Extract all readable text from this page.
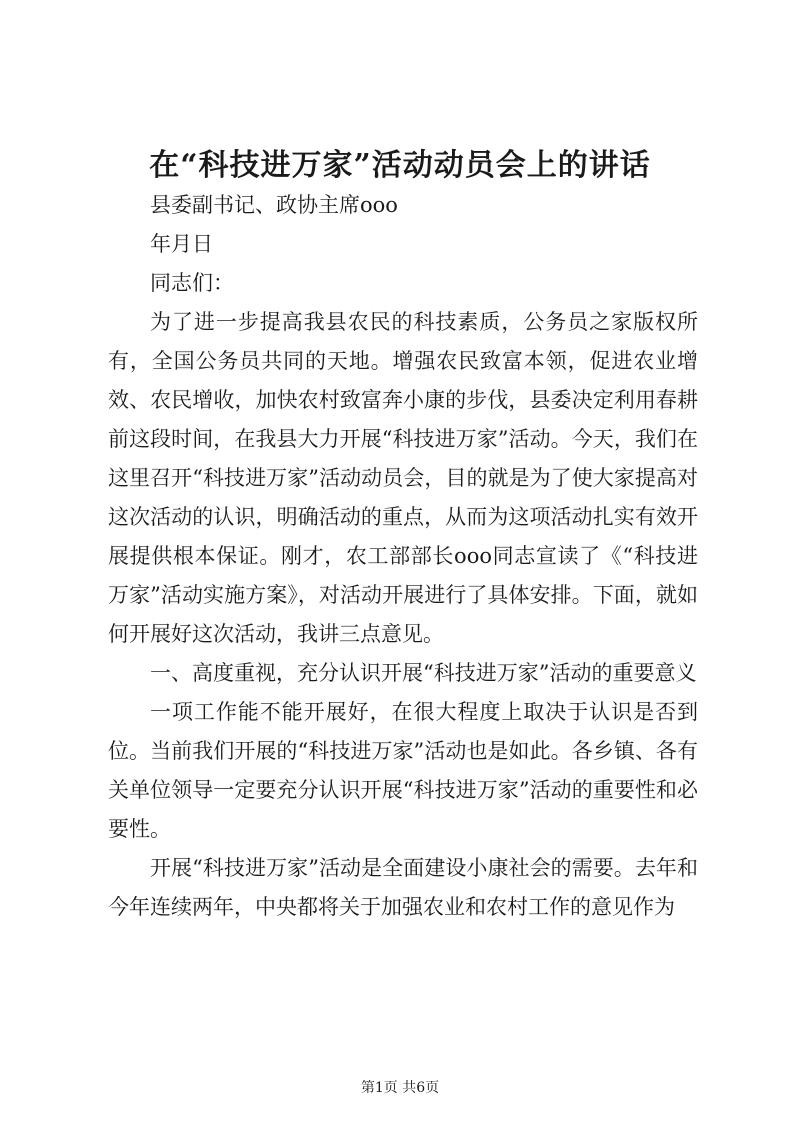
在“科技进万家”活动动员会上的讲话

县委副书记、政协主席ooo

年月日

同志们：

为了进一步提高我县农民的科技素质，公务员之家版权所有，全国公务员共同的天地。增强农民致富本领，促进农业增效、农民增收，加快农村致富奔小康的步伐，县委决定利用春耕前这段时间，在我县大力开展“科技进万家”活动。今天，我们在这里召开“科技进万家”活动动员会，目的就是为了使大家提高对这次活动的认识，明确活动的重点，从而为这项活动扎实有效开展提供根本保证。刚才，农工部部长ooo同志宣读了《“科技进万家”活动实施方案》，对活动开展进行了具体安排。下面，就如何开展好这次活动，我讲三点意见。

一、高度重视，充分认识开展“科技进万家”活动的重要意义

一项工作能不能开展好，在很大程度上取决于认识是否到位。当前我们开展的“科技进万家”活动也是如此。各乡镇、各有关单位领导一定要充分认识开展“科技进万家”活动的重要性和必要性。

开展“科技进万家”活动是全面建设小康社会的需要。去年和今年连续两年，中央都将关于加强农业和农村工作的意见作为

第1页 共6页
